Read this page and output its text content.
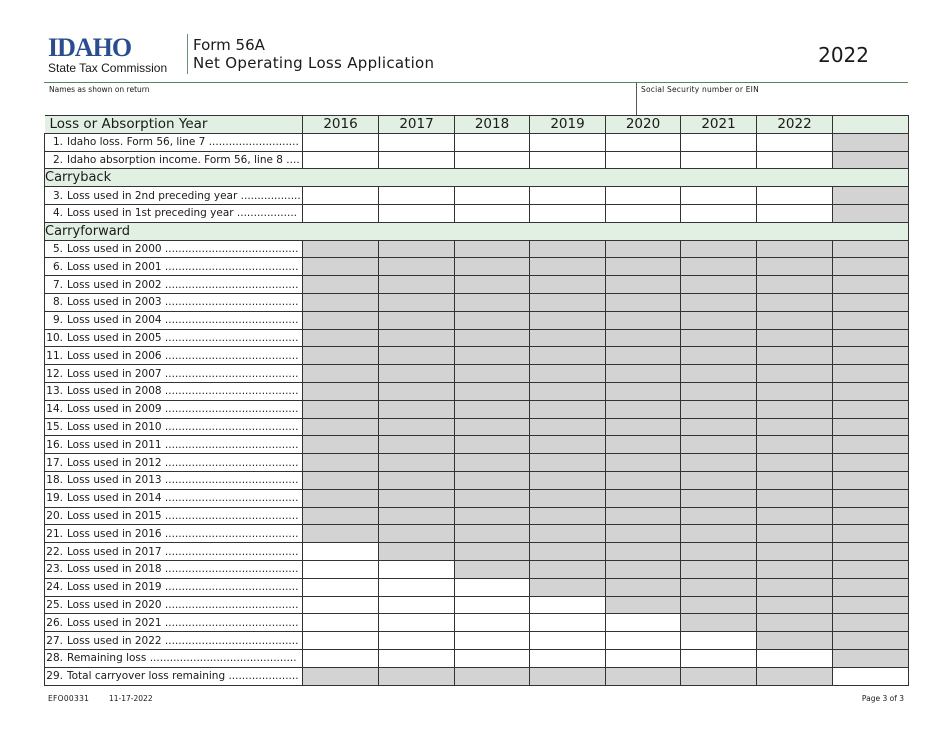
IDAHO
State Tax Commission
Form 56A
Net Operating Loss Application	2022
Names as shown on return	Social Security number or EIN
Loss or Absorption Year	2016	2017	2018	2019	2020	2021	2022	
1. Idaho loss. Form 56, line 7 ...........................								
2. Idaho absorption income. Form 56, line 8 ....								
Carryback								
3. Loss used in 2nd preceding year ..................								
4. Loss used in 1st preceding year ..................								
Carryforward								
5. Loss used in 2000 ........................................								
6. Loss used in 2001 ........................................								
7. Loss used in 2002 ........................................								
8. Loss used in 2003 ........................................								
9. Loss used in 2004 ........................................								
10. Loss used in 2005 ........................................								
11. Loss used in 2006 ........................................								
12. Loss used in 2007 ........................................								
13. Loss used in 2008 ........................................								
14. Loss used in 2009 ........................................								
15. Loss used in 2010 ........................................								
16. Loss used in 2011 ........................................								
17. Loss used in 2012 ........................................								
18. Loss used in 2013 ........................................								
19. Loss used in 2014 ........................................								
20. Loss used in 2015 ........................................								
21. Loss used in 2016 ........................................								
22. Loss used in 2017 ........................................								
23. Loss used in 2018 ........................................								
24. Loss used in 2019 ........................................								
25. Loss used in 2020 ........................................								
26. Loss used in 2021 ........................................								
27. Loss used in 2022 ........................................								
28. Remaining loss ............................................								
29. Total carryover loss remaining .....................								
EFO00331	11-17-2022	Page 3 of 3
